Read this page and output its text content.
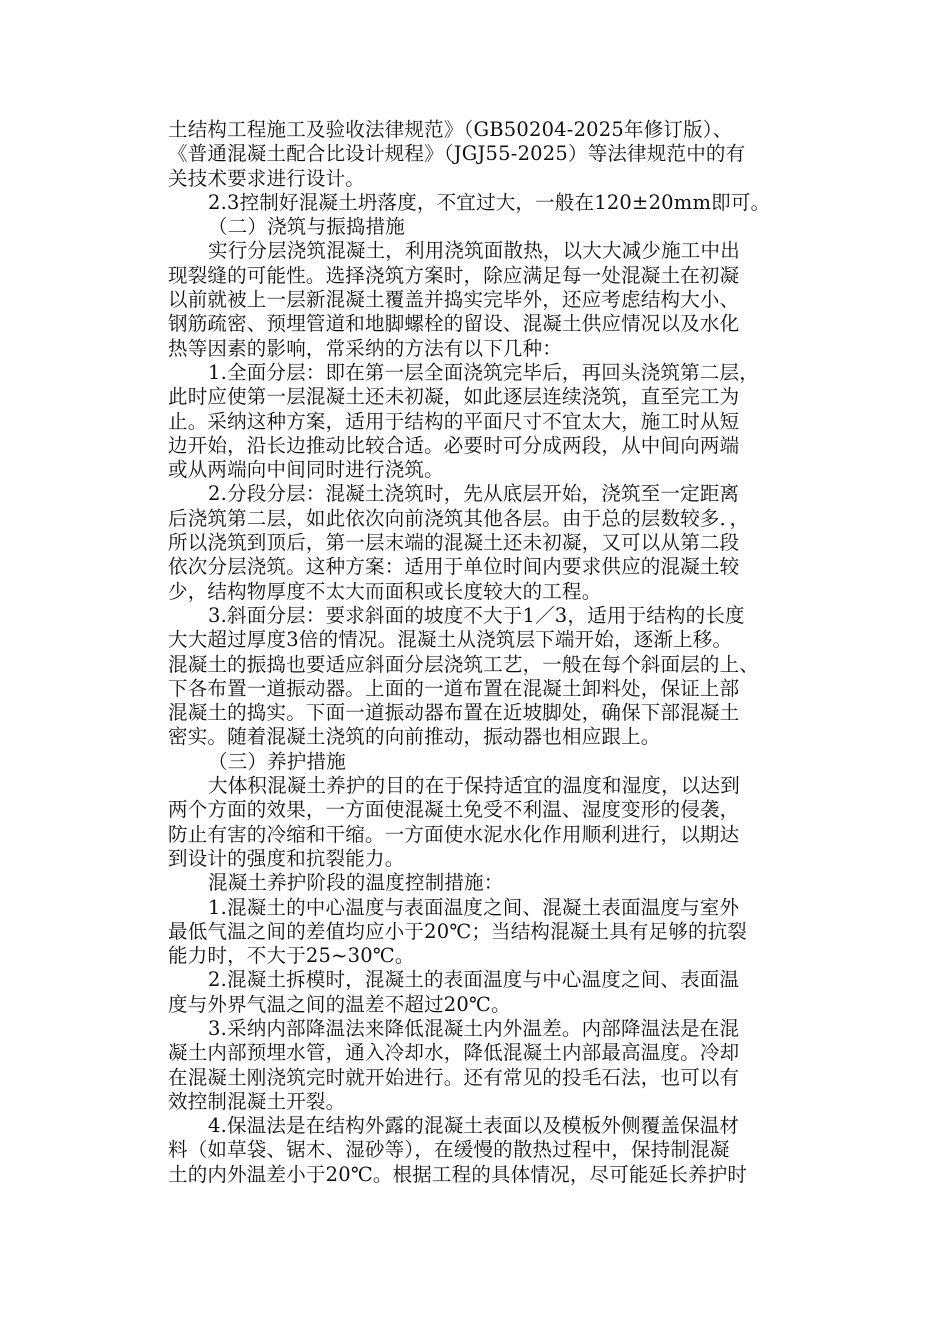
土结构工程施工及验收法律规范》（GB50204-2025年修订版）、
《普通混凝土配合比设计规程》（JGJ55-2025）等法律规范中的有
关技术要求进行设计。
2.3控制好混凝土坍落度，不宜过大，一般在120±20mm即可。
（二）浇筑与振捣措施
实行分层浇筑混凝土，利用浇筑面散热，以大大减少施工中出
现裂缝的可能性。选择浇筑方案时，除应满足每一处混凝土在初凝
以前就被上一层新混凝土覆盖并捣实完毕外，还应考虑结构大小、
钢筋疏密、预埋管道和地脚螺栓的留设、混凝土供应情况以及水化
热等因素的影响，常采纳的方法有以下几种：
1.全面分层：即在第一层全面浇筑完毕后，再回头浇筑第二层，
此时应使第一层混凝土还未初凝，如此逐层连续浇筑，直至完工为
止。采纳这种方案，适用于结构的平面尺寸不宜太大，施工时从短
边开始，沿长边推动比较合适。必要时可分成两段，从中间向两端
或从两端向中间同时进行浇筑。
2.分段分层：混凝土浇筑时，先从底层开始，浇筑至一定距离
后浇筑第二层，如此依次向前浇筑其他各层。由于总的层数较多．，
所以浇筑到顶后，第一层末端的混凝土还未初凝，又可以从第二段
依次分层浇筑。这种方案：适用于单位时间内要求供应的混凝土较
少，结构物厚度不太大而面积或长度较大的工程。
3.斜面分层：要求斜面的坡度不大于1／3，适用于结构的长度
大大超过厚度3倍的情况。混凝土从浇筑层下端开始，逐渐上移。
混凝土的振捣也要适应斜面分层浇筑工艺，一般在每个斜面层的上、
下各布置一道振动器。上面的一道布置在混凝土卸料处，保证上部
混凝土的捣实。下面一道振动器布置在近坡脚处，确保下部混凝土
密实。随着混凝土浇筑的向前推动，振动器也相应跟上。
（三）养护措施
大体积混凝土养护的目的在于保持适宜的温度和湿度，以达到
两个方面的效果，一方面使混凝土免受不利温、湿度变形的侵袭，
防止有害的冷缩和干缩。一方面使水泥水化作用顺利进行，以期达
到设计的强度和抗裂能力。
混凝土养护阶段的温度控制措施：
1.混凝土的中心温度与表面温度之间、混凝土表面温度与室外
最低气温之间的差值均应小于20℃；当结构混凝土具有足够的抗裂
能力时，不大于25~30℃。
2.混凝土拆模时，混凝土的表面温度与中心温度之间、表面温
度与外界气温之间的温差不超过20℃。
3.采纳内部降温法来降低混凝土内外温差。内部降温法是在混
凝土内部预埋水管，通入冷却水，降低混凝土内部最高温度。冷却
在混凝土刚浇筑完时就开始进行。还有常见的投毛石法，也可以有
效控制混凝土开裂。
4.保温法是在结构外露的混凝土表面以及模板外侧覆盖保温材
料（如草袋、锯木、湿砂等），在缓慢的散热过程中，保持制混凝
土的内外温差小于20℃。根据工程的具体情况，尽可能延长养护时
